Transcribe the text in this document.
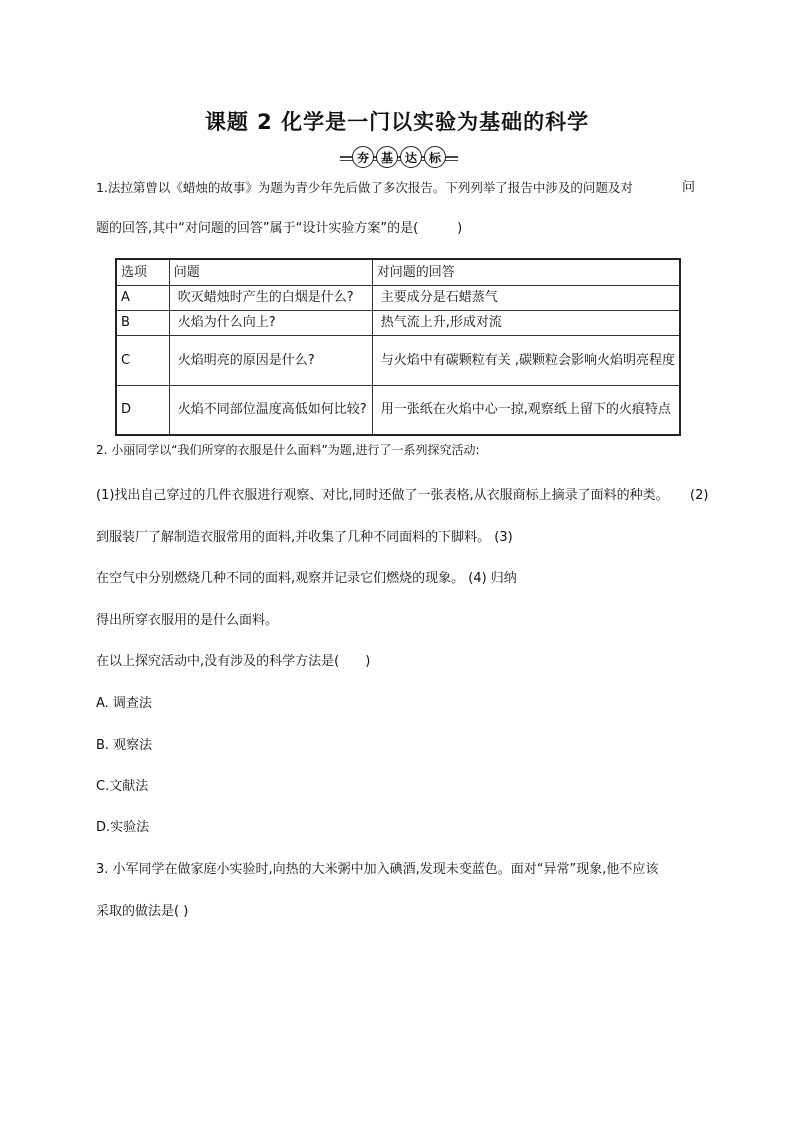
课题 2 化学是一门以实验为基础的科学
夯 基 达 标
1.法拉第曾以《蜡烛的故事》为题为青少年先后做了多次报告。下列列举了报告中涉及的问题及对	问
题的回答,其中“对问题的回答”属于“设计实验方案”的是(　　　)
选项	问题	对问题的回答
A	吹灭蜡烛时产生的白烟是什么?	主要成分是石蜡蒸气
B	火焰为什么向上?	热气流上升,形成对流
C	火焰明亮的原因是什么?	与火焰中有碳颗粒有关 ,碳颗粒会影响火焰明亮程度
D	火焰不同部位温度高低如何比较?	用一张纸在火焰中心一掠,观察纸上留下的火痕特点
2. 小丽同学以“我们所穿的衣服是什么面料”为题,进行了一系列探究活动:
(1)找出自己穿过的几件衣服进行观察、对比,同时还做了一张表格,从衣服商标上摘录了面料的种类。 (2)
到服装厂了解制造衣服常用的面料,并收集了几种不同面料的下脚料。 (3)
在空气中分别燃烧几种不同的面料,观察并记录它们燃烧的现象。 (4) 归纳
得出所穿衣服用的是什么面料。
在以上探究活动中,没有涉及的科学方法是(　　)
A. 调查法
B. 观察法
C.文献法
D.实验法
3. 小军同学在做家庭小实验时,向热的大米粥中加入碘酒,发现未变蓝色。面对“异常”现象,他不应该
采取的做法是( )
